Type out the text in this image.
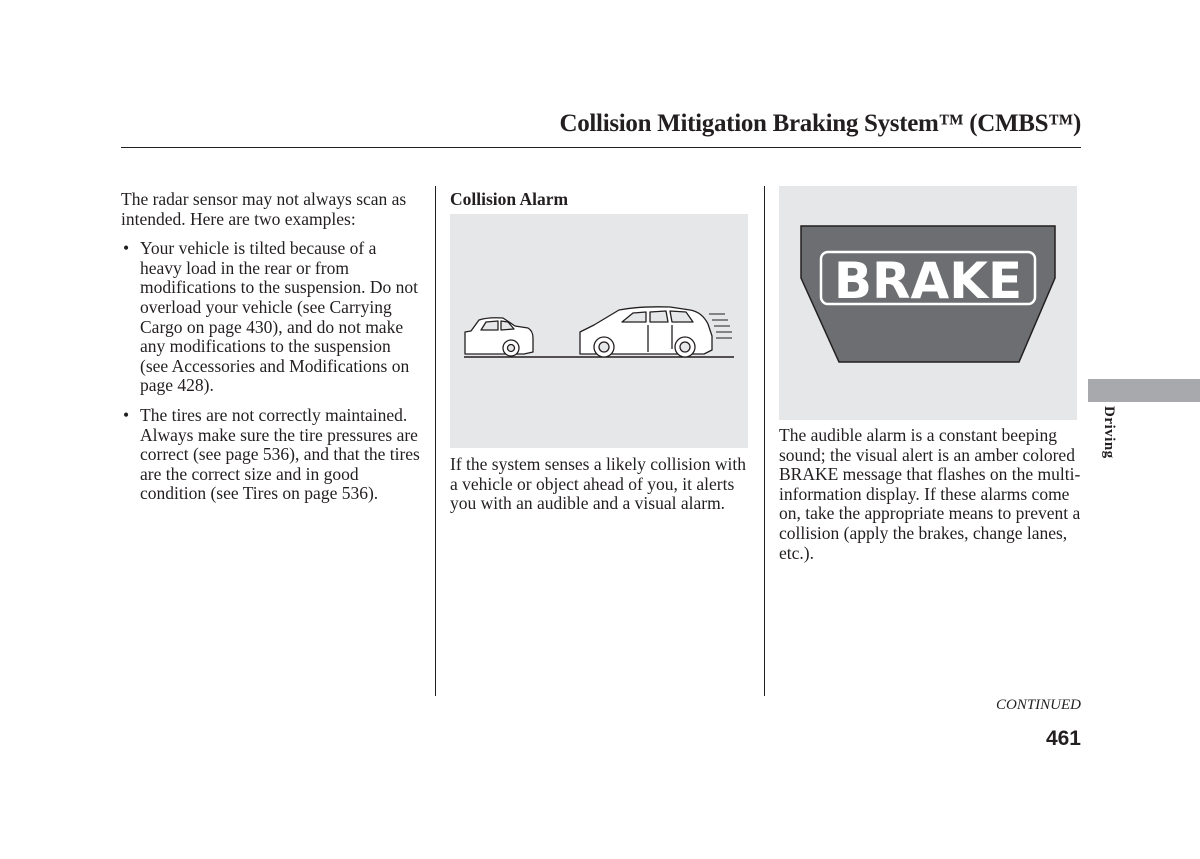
Collision Mitigation Braking System™ (CMBS™)

The radar sensor may not always scan as intended. Here are two examples:

• Your vehicle is tilted because of a heavy load in the rear or from modifications to the suspension. Do not overload your vehicle (see Carrying Cargo on page 430), and do not make any modifications to the suspension (see Accessories and Modifications on page 428).
• The tires are not correctly maintained. Always make sure the tire pressures are correct (see page 536), and that the tires are the correct size and in good condition (see Tires on page 536).
Collision Alarm
If the system senses a likely collision with a vehicle or object ahead of you, it alerts you with an audible and a visual alarm.
BRAKE
The audible alarm is a constant beeping sound; the visual alert is an amber colored BRAKE message that flashes on the multi-information display. If these alarms come on, take the appropriate means to prevent a collision (apply the brakes, change lanes, etc.).
Driving
CONTINUED
461
